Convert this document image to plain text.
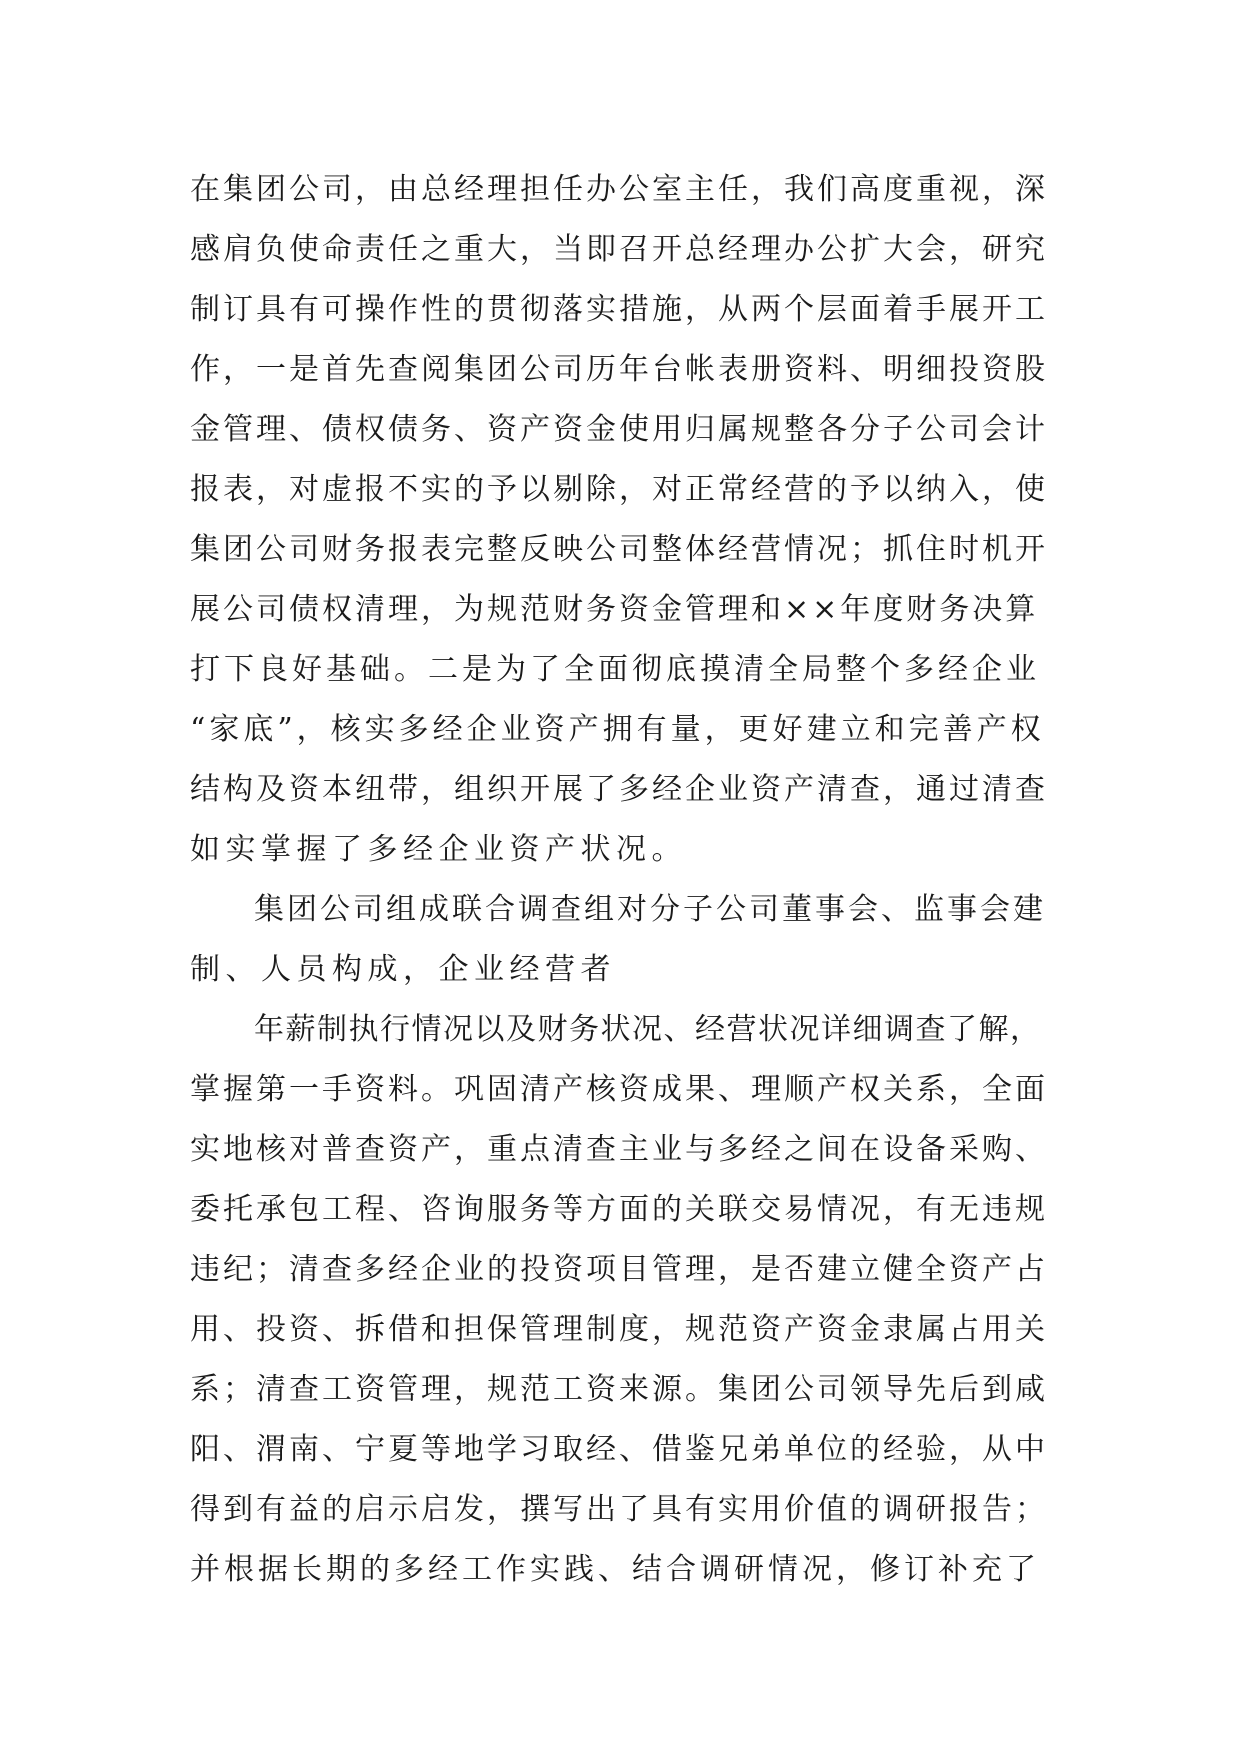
在集团公司，由总经理担任办公室主任，我们高度重视，深
感肩负使命责任之重大，当即召开总经理办公扩大会，研究
制订具有可操作性的贯彻落实措施，从两个层面着手展开工
作，一是首先查阅集团公司历年台帐表册资料、明细投资股
金管理、债权债务、资产资金使用归属规整各分子公司会计
报表，对虚报不实的予以剔除，对正常经营的予以纳入，使
集团公司财务报表完整反映公司整体经营情况；抓住时机开
展公司债权清理，为规范财务资金管理和××年度财务决算
打下良好基础。二是为了全面彻底摸清全局整个多经企业
“家底”，核实多经企业资产拥有量，更好建立和完善产权
结构及资本纽带，组织开展了多经企业资产清查，通过清查
如实掌握了多经企业资产状况。
集团公司组成联合调查组对分子公司董事会、监事会建
制、人员构成，企业经营者
年薪制执行情况以及财务状况、经营状况详细调查了解，
掌握第一手资料。巩固清产核资成果、理顺产权关系，全面
实地核对普查资产，重点清查主业与多经之间在设备采购、
委托承包工程、咨询服务等方面的关联交易情况，有无违规
违纪；清查多经企业的投资项目管理，是否建立健全资产占
用、投资、拆借和担保管理制度，规范资产资金隶属占用关
系；清查工资管理，规范工资来源。集团公司领导先后到咸
阳、渭南、宁夏等地学习取经、借鉴兄弟单位的经验，从中
得到有益的启示启发，撰写出了具有实用价值的调研报告；
并根据长期的多经工作实践、结合调研情况，修订补充了
